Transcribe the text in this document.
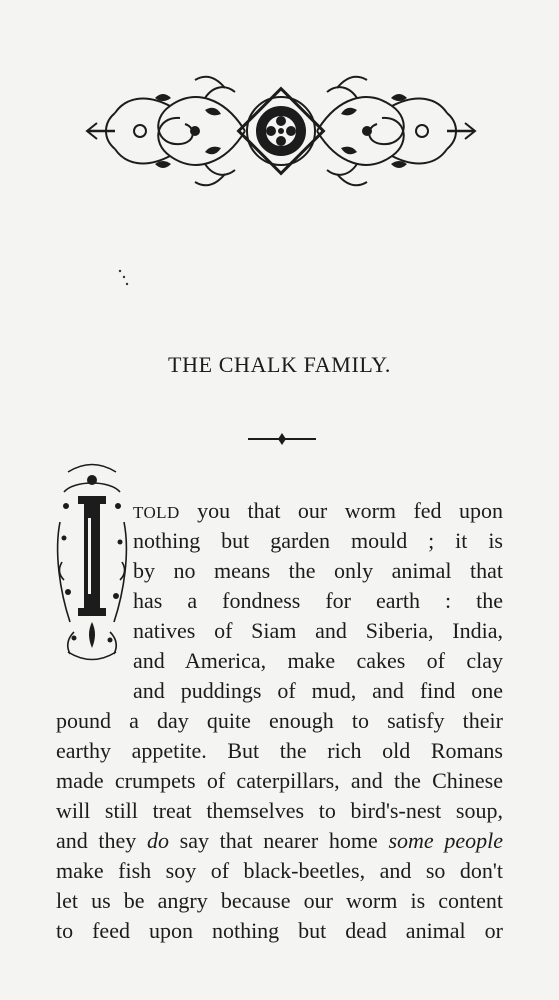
THE CHALK FAMILY.

TOLD you that our worm fed upon

nothing but garden mould ; it is

by no means the only animal that

has a fondness for earth : the

natives of Siam and Siberia, India,

and America, make cakes of clay

and puddings of mud, and find one

pound a day quite enough to satisfy their

earthy appetite. But the rich old Romans

made crumpets of caterpillars, and the Chinese

will still treat themselves to bird's-nest soup,

and they do say that nearer home some people

make fish soy of black-beetles, and so don't

let us be angry because our worm is content

to feed upon nothing but dead animal or
